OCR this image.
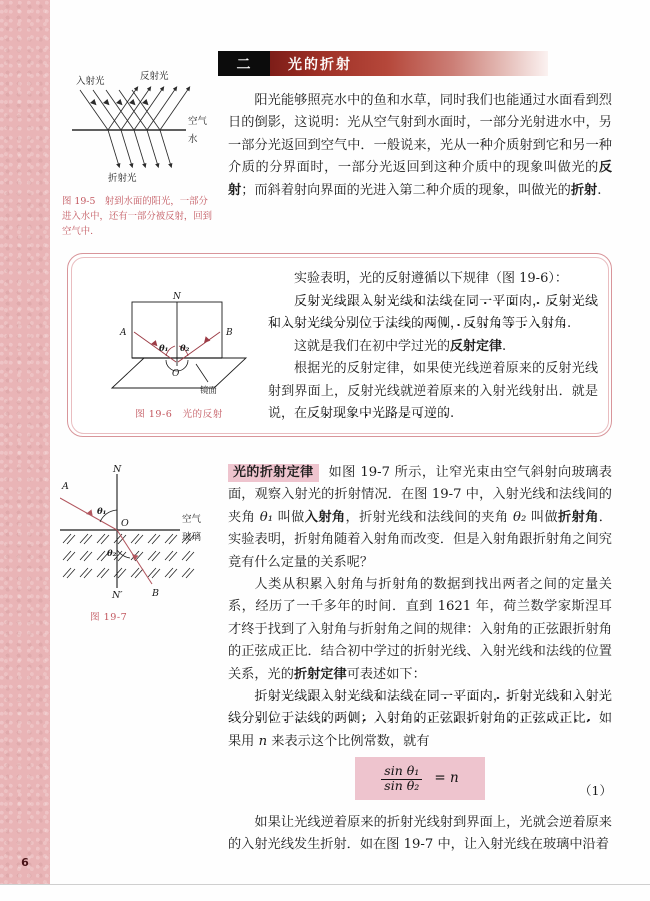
6
二	光的折射
入射光	反射光
折射光
空气
水
图 19-5　射到水面的阳光，一部分进入水中，还有一部分被反射，回到空气中.

阳光能够照亮水中的鱼和水草，同时我们也能通过水面看到烈日的倒影，这说明：光从空气射到水面时，一部分光射进水中，另一部分光返回到空气中．一般说来，光从一种介质射到它和另一种介质的分界面时，一部分光返回到这种介质中的现象叫做光的反射；而斜着射向界面的光进入第二种介质的现象，叫做光的折射.

N
A	B
O
θ₁ θ₂
镜面
图 19-6　光的反射

实验表明，光的反射遵循以下规律（图 19-6）：

反射光线跟入射光线和法线在同一平面内，反射光线和入射光线分别位于法线的两侧，反射角等于入射角.

这就是我们在初中学过光的反射定律.

根据光的反射定律，如果使光线逆着原来的反射光线射到界面上，反射光线就逆着原来的入射光线射出．就是说，在反射现象中光路是可逆的.

N
N′
A
B
O
θ₁
θ₂
空气
玻璃
图 19-7

光的折射定律 如图 19-7 所示，让窄光束由空气斜射向玻璃表面，观察入射光的折射情况．在图 19-7 中，入射光线和法线间的夹角 θ₁ 叫做入射角，折射光线和法线间的夹角 θ₂ 叫做折射角．实验表明，折射角随着入射角而改变．但是入射角跟折射角之间究竟有什么定量的关系呢？

人类从积累入射角与折射角的数据到找出两者之间的定量关系，经历了一千多年的时间．直到 1621 年，荷兰数学家斯涅耳才终于找到了入射角与折射角之间的规律：入射角的正弦跟折射角的正弦成正比．结合初中学过的折射光线、入射光线和法线的位置关系，光的折射定律可表述如下：

折射光线跟入射光线和法线在同一平面内，折射光线和入射光线分别位于法线的两侧；入射角的正弦跟折射角的正弦成正比．如果用 n 来表示这个比例常数，就有

$\frac{\text{sin θ₁}}{\text{sin θ₂}} = n$
（1）

如果让光线逆着原来的折射光线射到界面上，光就会逆着原来的入射光线发生折射．如在图 19-7 中，让入射光线在玻璃中沿着
